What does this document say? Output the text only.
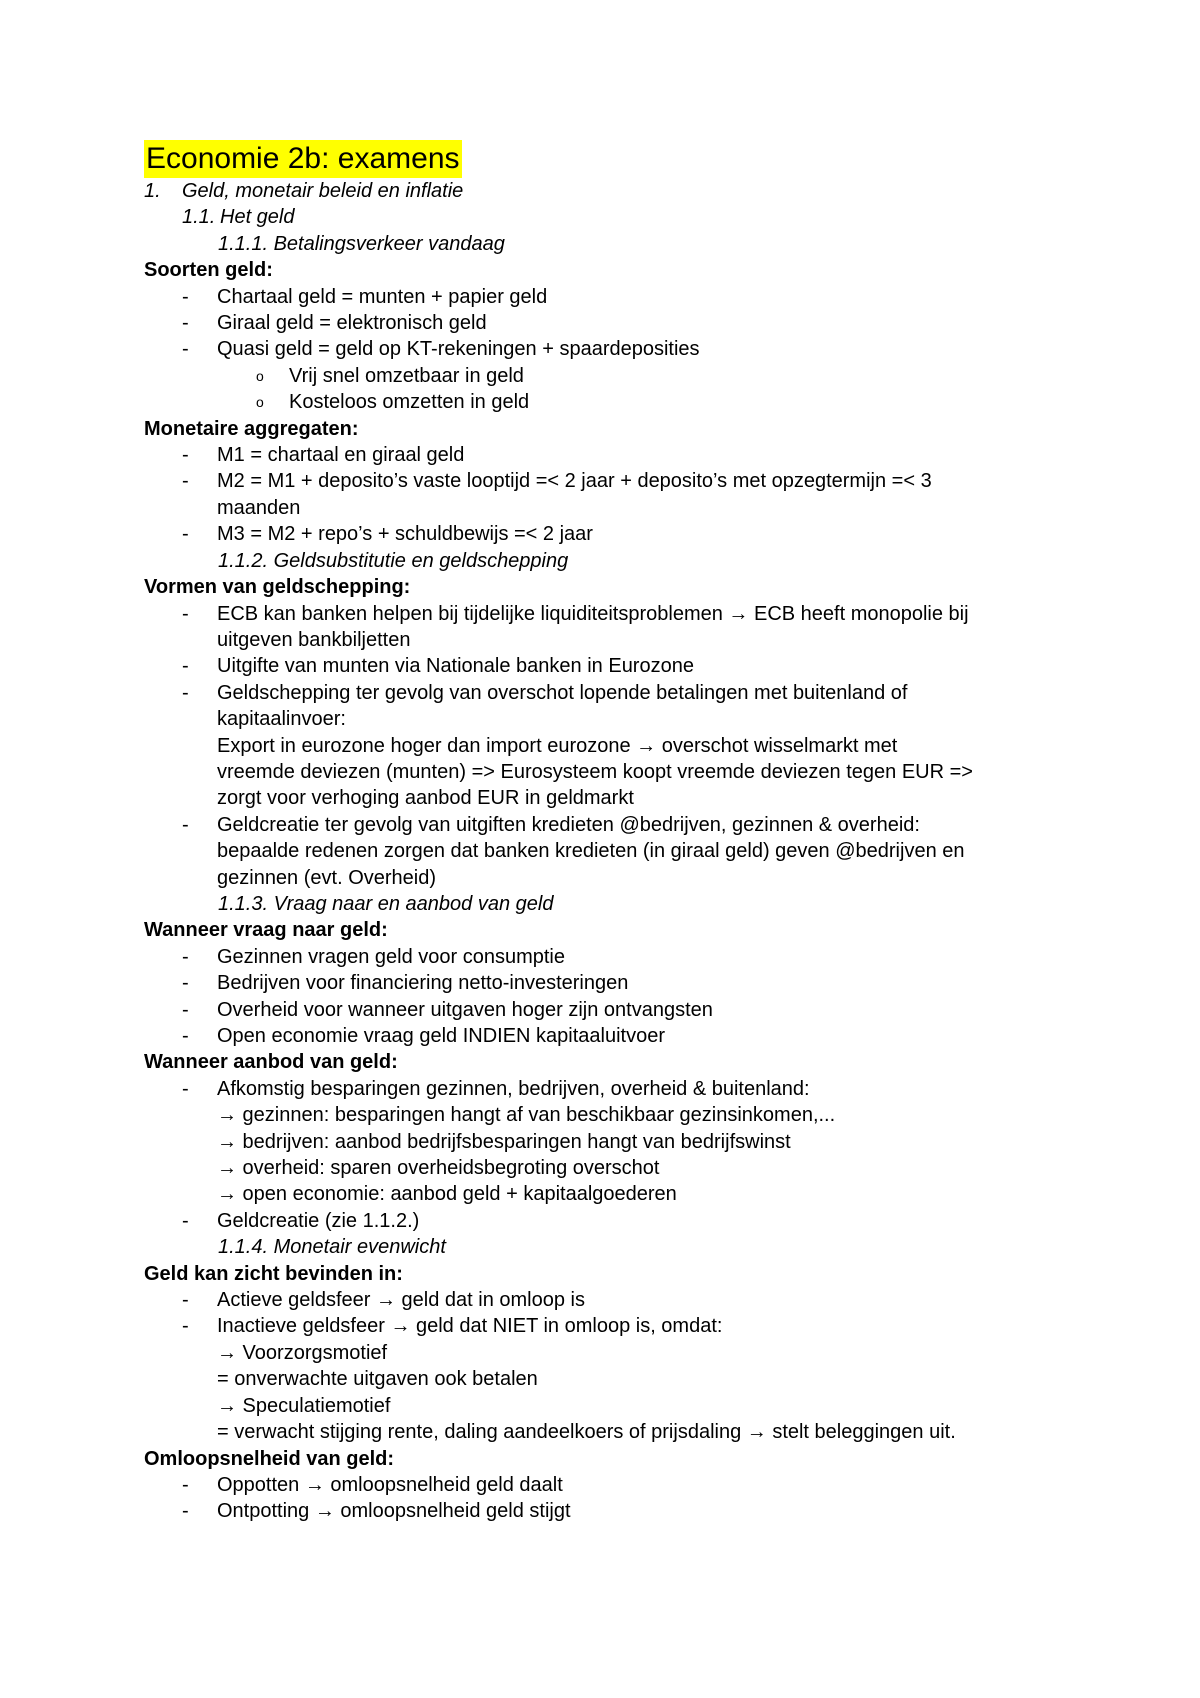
Economie 2b: examens
1. Geld, monetair beleid en inflatie
1.1. Het geld
1.1.1. Betalingsverkeer vandaag
Soorten geld:
- Chartaal geld = munten + papier geld
- Giraal geld = elektronisch geld
- Quasi geld = geld op KT-rekeningen + spaardeposities
o Vrij snel omzetbaar in geld
o Kosteloos omzetten in geld
Monetaire aggregaten:
- M1 = chartaal en giraal geld
- M2 = M1 + deposito’s vaste looptijd =< 2 jaar + deposito’s met opzegtermijn =< 3
maanden
- M3 = M2 + repo’s + schuldbewijs =< 2 jaar
1.1.2. Geldsubstitutie en geldschepping
Vormen van geldschepping:
- ECB kan banken helpen bij tijdelijke liquiditeitsproblemen → ECB heeft monopolie bij
uitgeven bankbiljetten
- Uitgifte van munten via Nationale banken in Eurozone
- Geldschepping ter gevolg van overschot lopende betalingen met buitenland of
kapitaalinvoer:
Export in eurozone hoger dan import eurozone → overschot wisselmarkt met
vreemde deviezen (munten) => Eurosysteem koopt vreemde deviezen tegen EUR =>
zorgt voor verhoging aanbod EUR in geldmarkt
- Geldcreatie ter gevolg van uitgiften kredieten @bedrijven, gezinnen & overheid:
bepaalde redenen zorgen dat banken kredieten (in giraal geld) geven @bedrijven en
gezinnen (evt. Overheid)
1.1.3. Vraag naar en aanbod van geld
Wanneer vraag naar geld:
- Gezinnen vragen geld voor consumptie
- Bedrijven voor financiering netto-investeringen
- Overheid voor wanneer uitgaven hoger zijn ontvangsten
- Open economie vraag geld INDIEN kapitaaluitvoer
Wanneer aanbod van geld:
- Afkomstig besparingen gezinnen, bedrijven, overheid & buitenland:
→ gezinnen: besparingen hangt af van beschikbaar gezinsinkomen,...
→ bedrijven: aanbod bedrijfsbesparingen hangt van bedrijfswinst
→ overheid: sparen overheidsbegroting overschot
→ open economie: aanbod geld + kapitaalgoederen
- Geldcreatie (zie 1.1.2.)
1.1.4. Monetair evenwicht
Geld kan zicht bevinden in:
- Actieve geldsfeer → geld dat in omloop is
- Inactieve geldsfeer → geld dat NIET in omloop is, omdat:
→ Voorzorgsmotief
= onverwachte uitgaven ook betalen
→ Speculatiemotief
= verwacht stijging rente, daling aandeelkoers of prijsdaling → stelt beleggingen uit.
Omloopsnelheid van geld:
- Oppotten → omloopsnelheid geld daalt
- Ontpotting → omloopsnelheid geld stijgt
